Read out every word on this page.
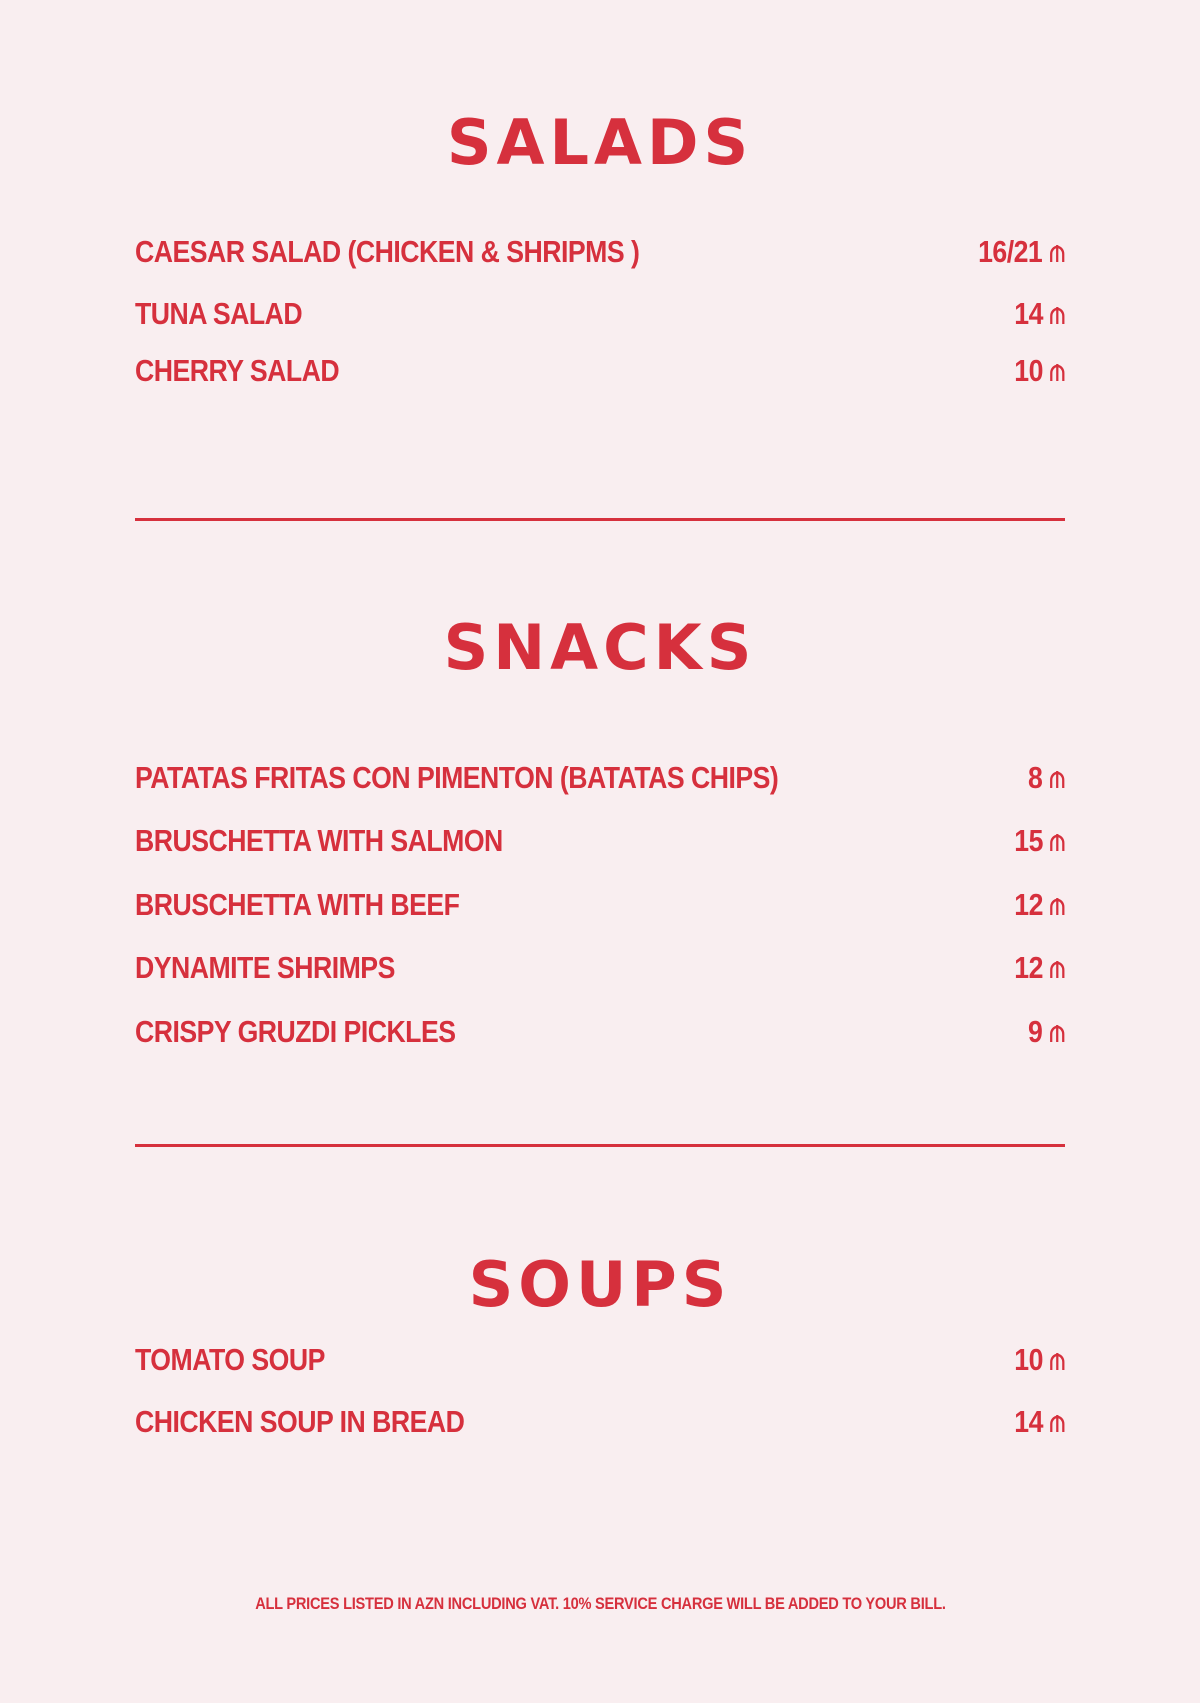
SALADS
CAESAR SALAD (CHICKEN & SHRIPMS )	16/21
TUNA SALAD	14
CHERRY SALAD	10
SNACKS
PATATAS FRITAS CON PIMENTON (BATATAS CHIPS)	8
BRUSCHETTA WITH SALMON	15
BRUSCHETTA WITH BEEF	12
DYNAMITE SHRIMPS	12
CRISPY GRUZDI PICKLES	9
SOUPS
TOMATO SOUP	10
CHICKEN SOUP IN BREAD	14
ALL PRICES LISTED IN AZN INCLUDING VAT. 10% SERVICE CHARGE WILL BE ADDED TO YOUR BILL.
